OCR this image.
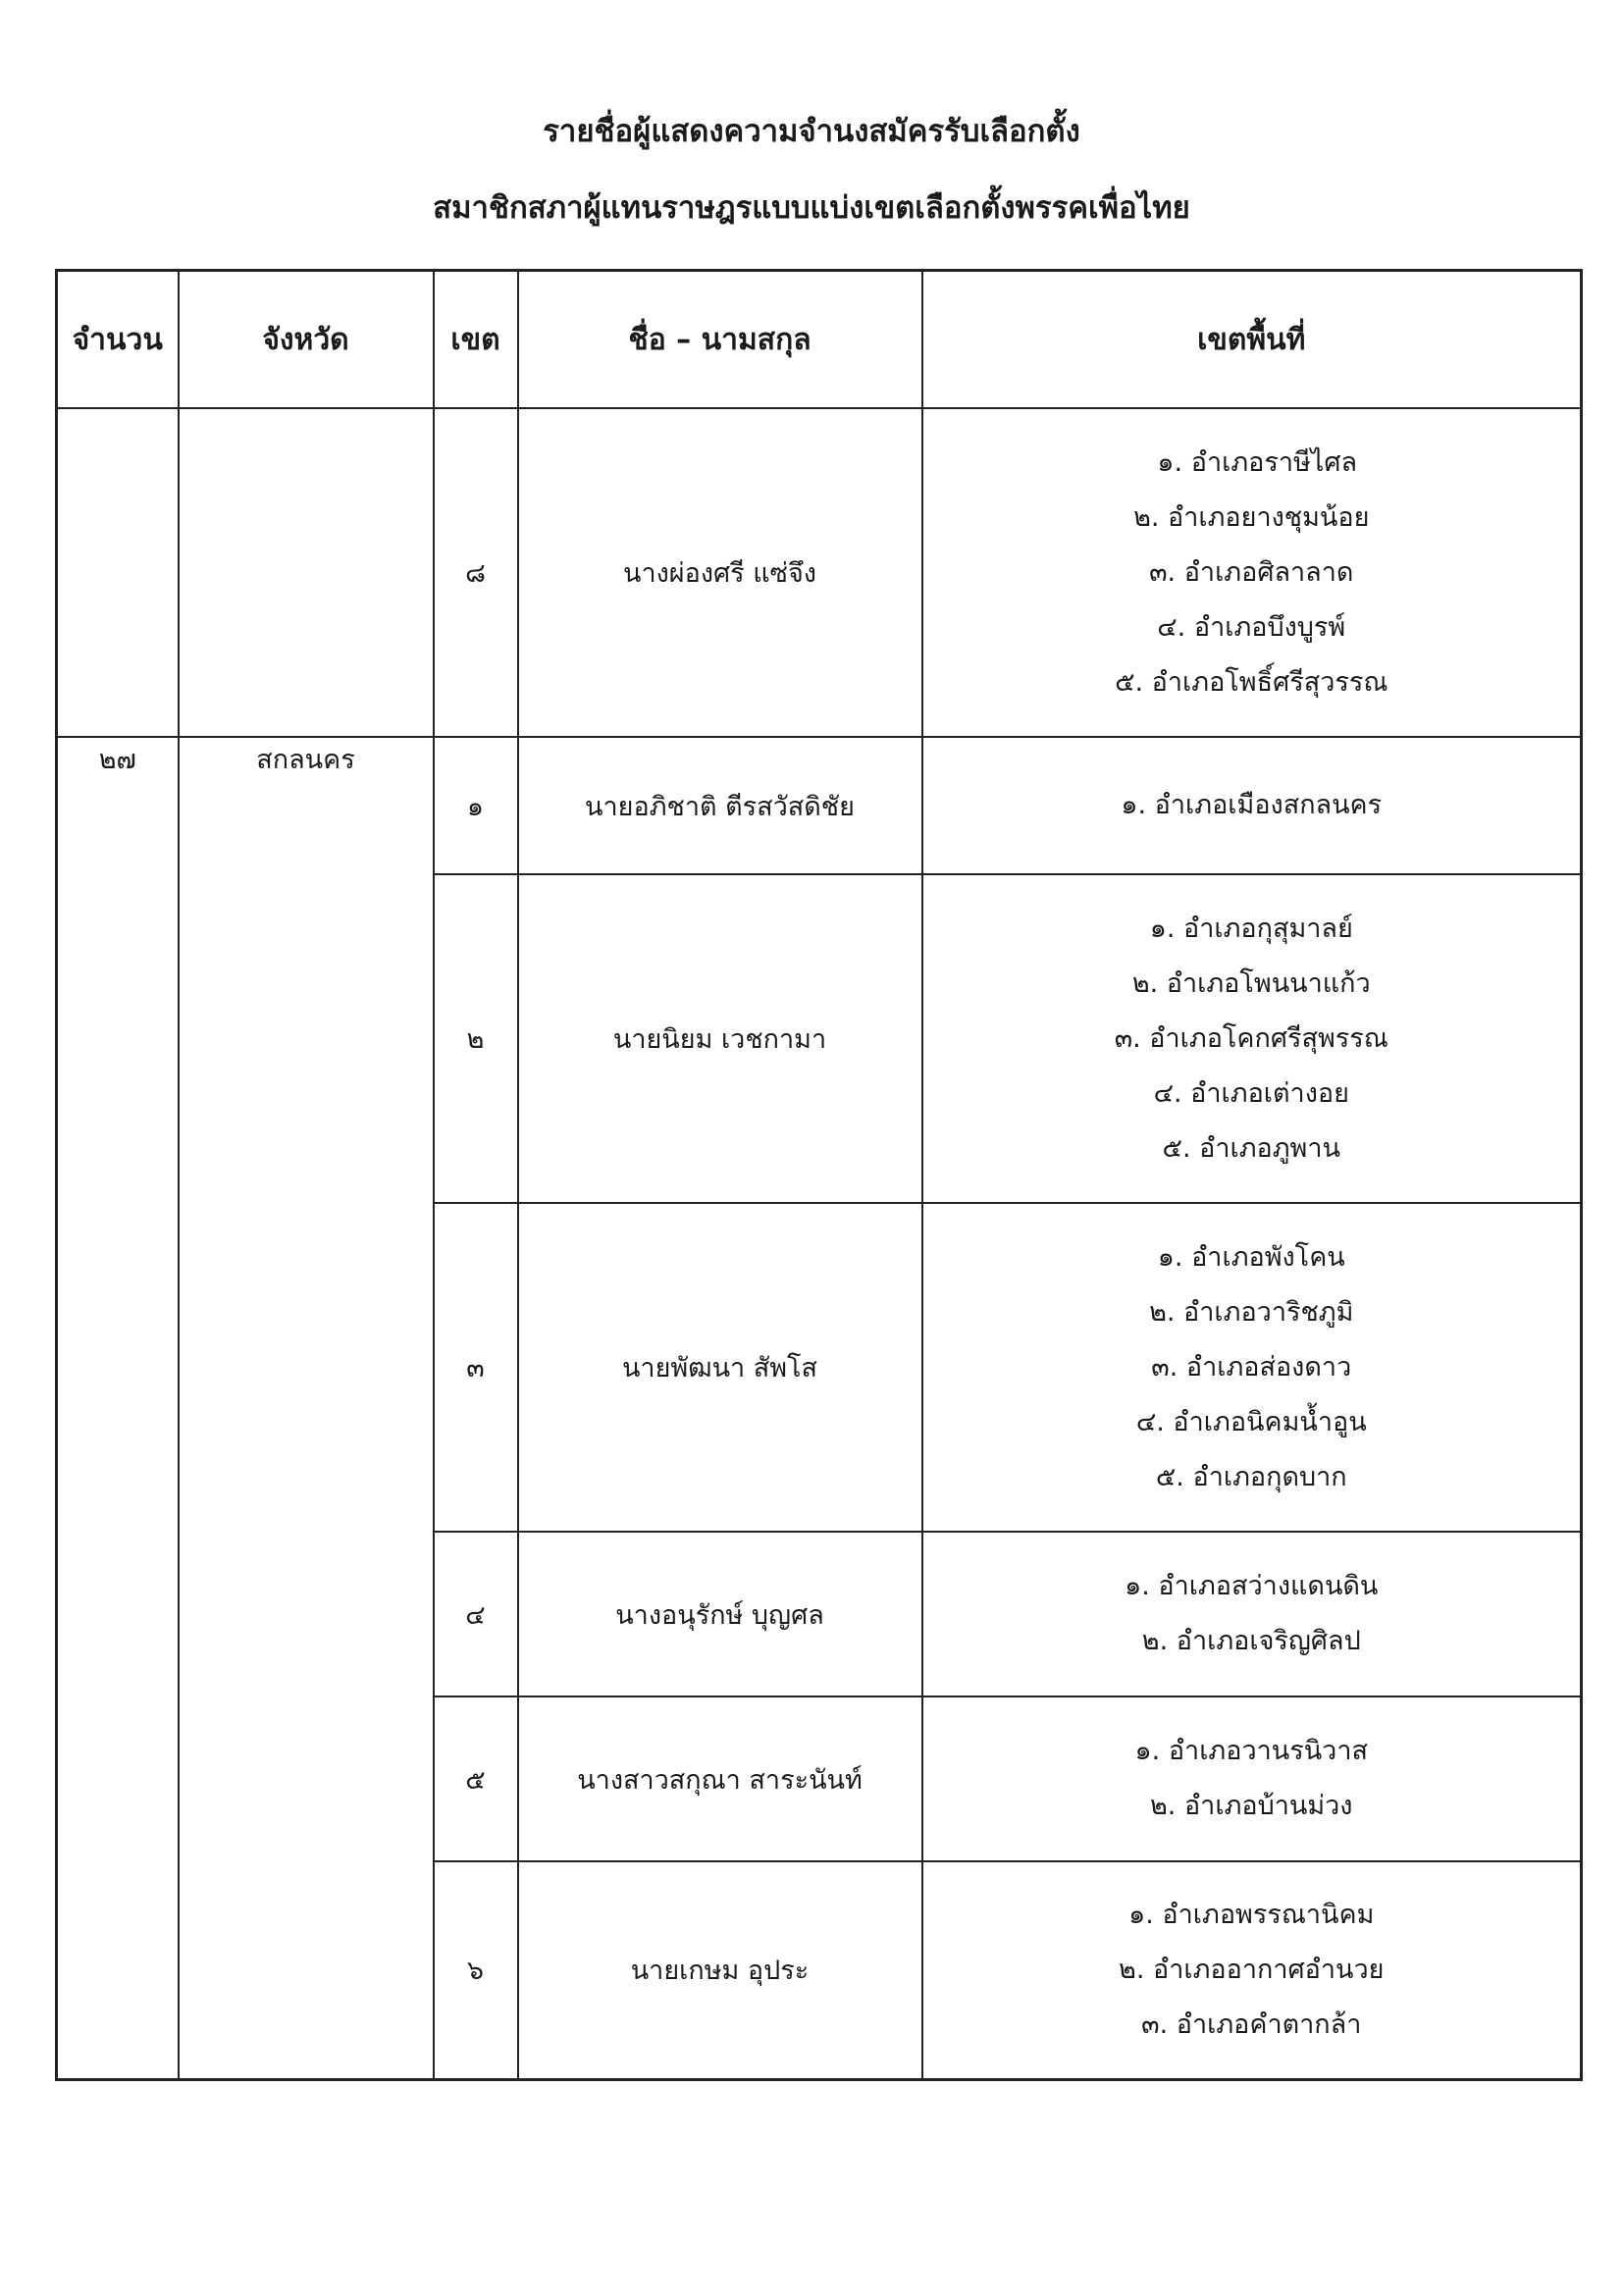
รายชื่อผู้แสดงความจำนงสมัครรับเลือกตั้ง
สมาชิกสภาผู้แทนราษฎรแบบแบ่งเขตเลือกตั้งพรรคเพื่อไทย
จำนวน	จังหวัด	เขต	ชื่อ – นามสกุล	เขตพื้นที่
		๘	นางผ่องศรี แซ่จึง	๑. อำเภอราษีไศล
๒. อำเภอยางชุมน้อย
๓. อำเภอศิลาลาด
๔. อำเภอบึงบูรพ์
๕. อำเภอโพธิ์ศรีสุวรรณ

๒๗	สกลนคร	๑	นายอภิชาติ ตีรสวัสดิชัย	๑. อำเภอเมืองสกลนคร

		๒	นายนิยม เวชกามา	๑. อำเภอกุสุมาลย์
๒. อำเภอโพนนาแก้ว
๓. อำเภอโคกศรีสุพรรณ
๔. อำเภอเต่างอย
๕. อำเภอภูพาน

		๓	นายพัฒนา สัพโส	๑. อำเภอพังโคน
๒. อำเภอวาริชภูมิ
๓. อำเภอส่องดาว
๔. อำเภอนิคมน้ำอูน
๕. อำเภอกุดบาก

		๔	นางอนุรักษ์ บุญศล	๑. อำเภอสว่างแดนดิน
๒. อำเภอเจริญศิลป

		๕	นางสาวสกุณา สาระนันท์	๑. อำเภอวานรนิวาส
๒. อำเภอบ้านม่วง

		๖	นายเกษม อุประ	๑. อำเภอพรรณานิคม
๒. อำเภออากาศอำนวย
๓. อำเภอคำตากล้า
